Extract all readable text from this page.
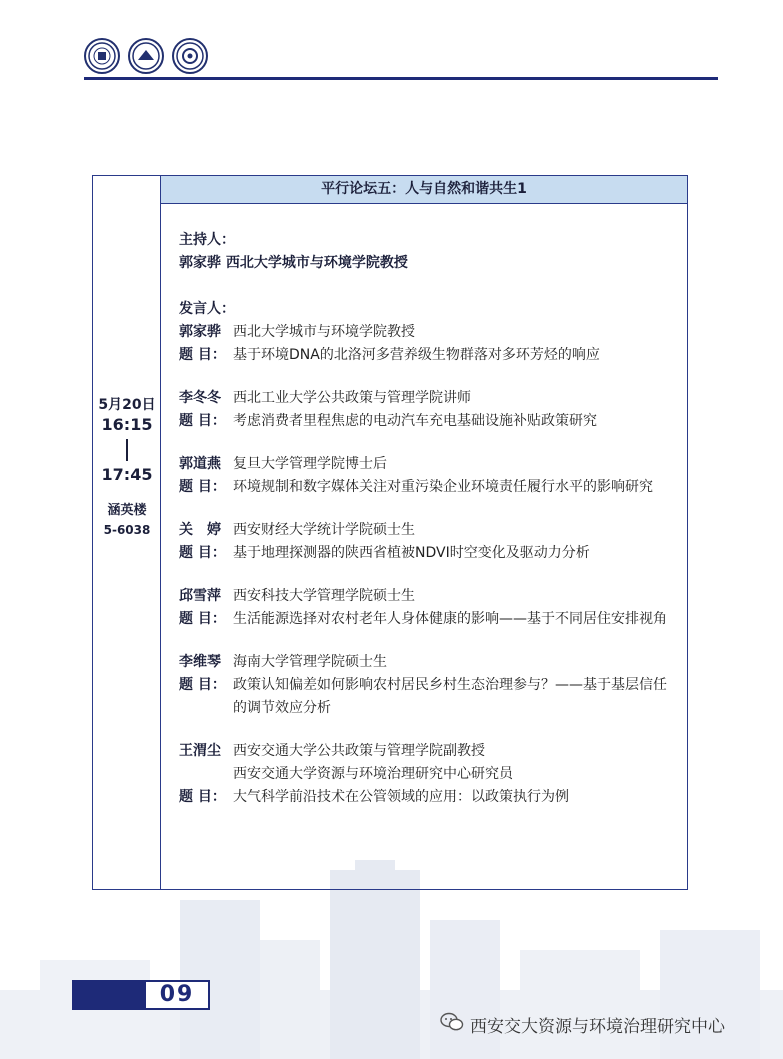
5月20日
16:15
17:45
涵英楼
5-6038
平行论坛五：人与自然和谐共生1
主持人：
郭家骅 西北大学城市与环境学院教授
发言人：
郭家骅 西北大学城市与环境学院教授
题 目： 基于环境DNA的北洛河多营养级生物群落对多环芳烃的响应
李冬冬 西北工业大学公共政策与管理学院讲师
题 目： 考虑消费者里程焦虑的电动汽车充电基础设施补贴政策研究
郭道燕 复旦大学管理学院博士后
题 目： 环境规制和数字媒体关注对重污染企业环境责任履行水平的影响研究
关　婷 西安财经大学统计学院硕士生
题 目： 基于地理探测器的陕西省植被NDVI时空变化及驱动力分析
邱雪萍 西安科技大学管理学院硕士生
题 目： 生活能源选择对农村老年人身体健康的影响——基于不同居住安排视角
李维琴 海南大学管理学院硕士生
题 目： 政策认知偏差如何影响农村居民乡村生态治理参与？——基于基层信任的调节效应分析
王渭尘 西安交通大学公共政策与管理学院副教授
西安交通大学资源与环境治理研究中心研究员
题 目： 大气科学前沿技术在公管领域的应用：以政策执行为例
09
西安交大资源与环境治理研究中心
